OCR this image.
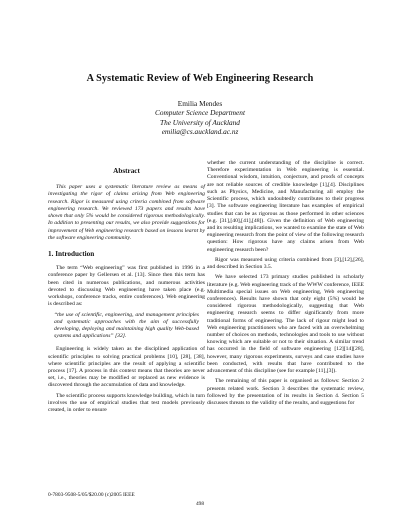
A Systematic Review of Web Engineering Research
Emilia Mendes
Computer Science Department
The University of Auckland
emilia@cs.auckland.ac.nz
Abstract

This paper uses a systematic literature review as means of investigating the rigor of claims arising from Web engineering research. Rigor is measured using criteria combined from software engineering research. We reviewed 173 papers and results have shown that only 5% would be considered rigorous methodologically. In addition to presenting our results, we also provide suggestions for improvement of Web engineering research based on lessons learnt by the software engineering community.

1. Introduction

The term “Web engineering” was first published in 1996 in a conference paper by Gellersen et al. [13]. Since then this term has been cited in numerous publications, and numerous activities devoted to discussing Web engineering have taken place (e.g. workshops, conference tracks, entire conferences). Web engineering is described as:

“the use of scientific, engineering, and management principles and systematic approaches with the aim of successfully developing, deploying and maintaining high quality Web-based systems and applications” [32].

Engineering is widely taken as the disciplined application of scientific principles to solving practical problems [10], [28], [38], where scientific principles are the result of applying a scientific process [17]. A process in this context means that theories are never set, i.e., theories may be modified or replaced as new evidence is discovered through the accumulation of data and knowledge.

The scientific process supports knowledge building, which in turn involves the use of empirical studies that test models previously created, in order to ensure

whether the current understanding of the discipline is correct. Therefore experimentation in Web engineering is essential. Conventional wisdom, intuition, conjecture, and proofs of concepts are not reliable sources of credible knowledge [1],[4]. Disciplines such as Physics, Medicine, and Manufacturing all employ the Scientific process, which undoubtedly contributes to their progress [3]. The software engineering literature has examples of empirical studies that can be as rigorous as those performed in other sciences (e.g. [31],[40],[41],[48]). Given the definition of Web engineering and its resulting implications, we wanted to examine the state of Web engineering research from the point of view of the following research question: How rigorous have any claims arisen from Web engineering research been?

Rigor was measured using criteria combined from [3],[12],[26], and described in Section 3.5.

We have selected 173 primary studies published in scholarly literature (e.g. Web engineering track of the WWW conference, IEEE Multimedia special issues on Web engineering, Web engineering conferences). Results have shown that only eight (5%) would be considered rigorous methodologically, suggesting that Web engineering research seems to differ significantly from more traditional forms of engineering. The lack of rigour might lead to Web engineering practitioners who are faced with an overwhelming number of choices on methods, technologies and tools to use without knowing which are suitable or not to their situation. A similar trend has occurred in the field of software engineering [12][14][28], however, many rigorous experiments, surveys and case studies have been conducted, with results that have contributed to the advancement of this discipline (see for example [11],[3]).

The remaining of this paper is organised as follows: Section 2 presents related work. Section 3 describes the systematic review, followed by the presentation of its results in Section 4. Section 5 discusses threats to the validity of the results, and suggestions for

0-7803-9508-5/05/$20.00 (c)2005 IEEE
498
